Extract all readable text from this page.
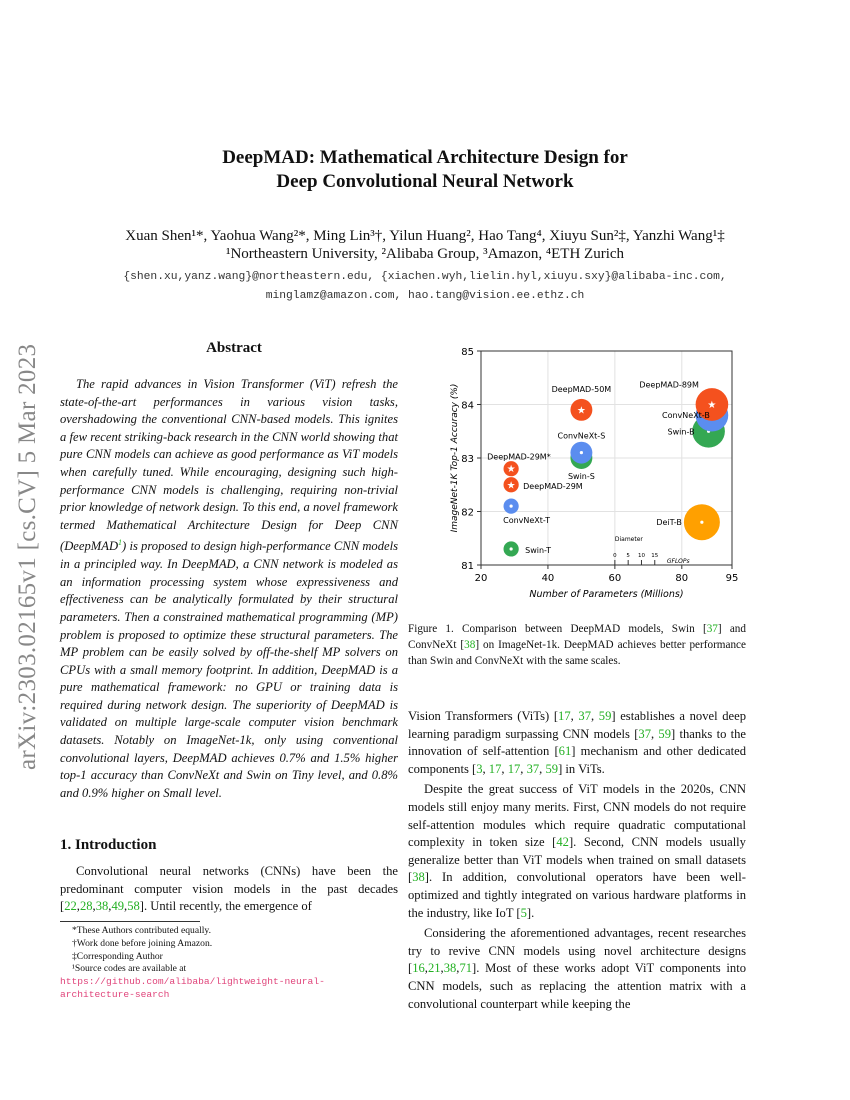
arXiv:2303.02165v1 [cs.CV] 5 Mar 2023
DeepMAD: Mathematical Architecture Design for
Deep Convolutional Neural Network
Xuan Shen¹*, Yaohua Wang²*, Ming Lin³†, Yilun Huang², Hao Tang⁴, Xiuyu Sun²‡, Yanzhi Wang¹‡
¹Northeastern University, ²Alibaba Group, ³Amazon, ⁴ETH Zurich
{shen.xu,yanz.wang}@northeastern.edu, {xiachen.wyh,lielin.hyl,xiuyu.sxy}@alibaba-inc.com,
minglamz@amazon.com, hao.tang@vision.ee.ethz.ch
Abstract

The rapid advances in Vision Transformer (ViT) refresh the state-of-the-art performances in various vision tasks, overshadowing the conventional CNN-based models. This ignites a few recent striking-back research in the CNN world showing that pure CNN models can achieve as good performance as ViT models when carefully tuned. While encouraging, designing such high-performance CNN models is challenging, requiring non-trivial prior knowledge of network design. To this end, a novel framework termed Mathematical Architecture Design for Deep CNN (DeepMAD$^1$) is proposed to design high-performance CNN models in a principled way. In DeepMAD, a CNN network is modeled as an information processing system whose expressiveness and effectiveness can be analytically formulated by their structural parameters. Then a constrained mathematical programming (MP) problem is proposed to optimize these structural parameters. The MP problem can be easily solved by off-the-shelf MP solvers on CPUs with a small memory footprint. In addition, DeepMAD is a pure mathematical framework: no GPU or training data is required during network design. The superiority of DeepMAD is validated on multiple large-scale computer vision benchmark datasets. Notably on ImageNet-1k, only using conventional convolutional layers, DeepMAD achieves 0.7% and 1.5% higher top-1 accuracy than ConvNeXt and Swin on Tiny level, and 0.8% and 0.9% higher on Small level.

1. Introduction

Convolutional neural networks (CNNs) have been the predominant computer vision models in the past decades [22,28,38,49,58]. Until recently, the emergence of

*These Authors contributed equally.
†Work done before joining Amazon.
‡Corresponding Author
¹Source codes are available at https://github.com/alibaba/lightweight-neural-architecture-search
20	40	60	80	95
81
82
83
84
85
Number of Parameters (Millions)
ImageNet-1K Top-1 Accuracy (%)	★
★
★	★
DeepMAD-29M*
DeepMAD-29M
ConvNeXt-T
Swin-T
Swin-S
ConvNeXt-S
DeepMAD-50M
Swin-B
ConvNeXt-B
DeepMAD-89M
DeiT-B
Diameter
0 5 10 15
GFLOPs
Figure 1. Comparison between DeepMAD models, Swin [37] and ConvNeXt [38] on ImageNet-1k. DeepMAD achieves better performance than Swin and ConvNeXt with the same scales.

Vision Transformers (ViTs) [17, 37, 59] establishes a novel deep learning paradigm surpassing CNN models [37, 59] thanks to the innovation of self-attention [61] mechanism and other dedicated components [3, 17, 17, 37, 59] in ViTs.

Despite the great success of ViT models in the 2020s, CNN models still enjoy many merits. First, CNN models do not require self-attention modules which require quadratic computational complexity in token size [42]. Second, CNN models usually generalize better than ViT models when trained on small datasets [38]. In addition, convolutional operators have been well-optimized and tightly integrated on various hardware platforms in the industry, like IoT [5].

Considering the aforementioned advantages, recent researches try to revive CNN models using novel architecture designs [16,21,38,71]. Most of these works adopt ViT components into CNN models, such as replacing the attention matrix with a convolutional counterpart while keeping the
